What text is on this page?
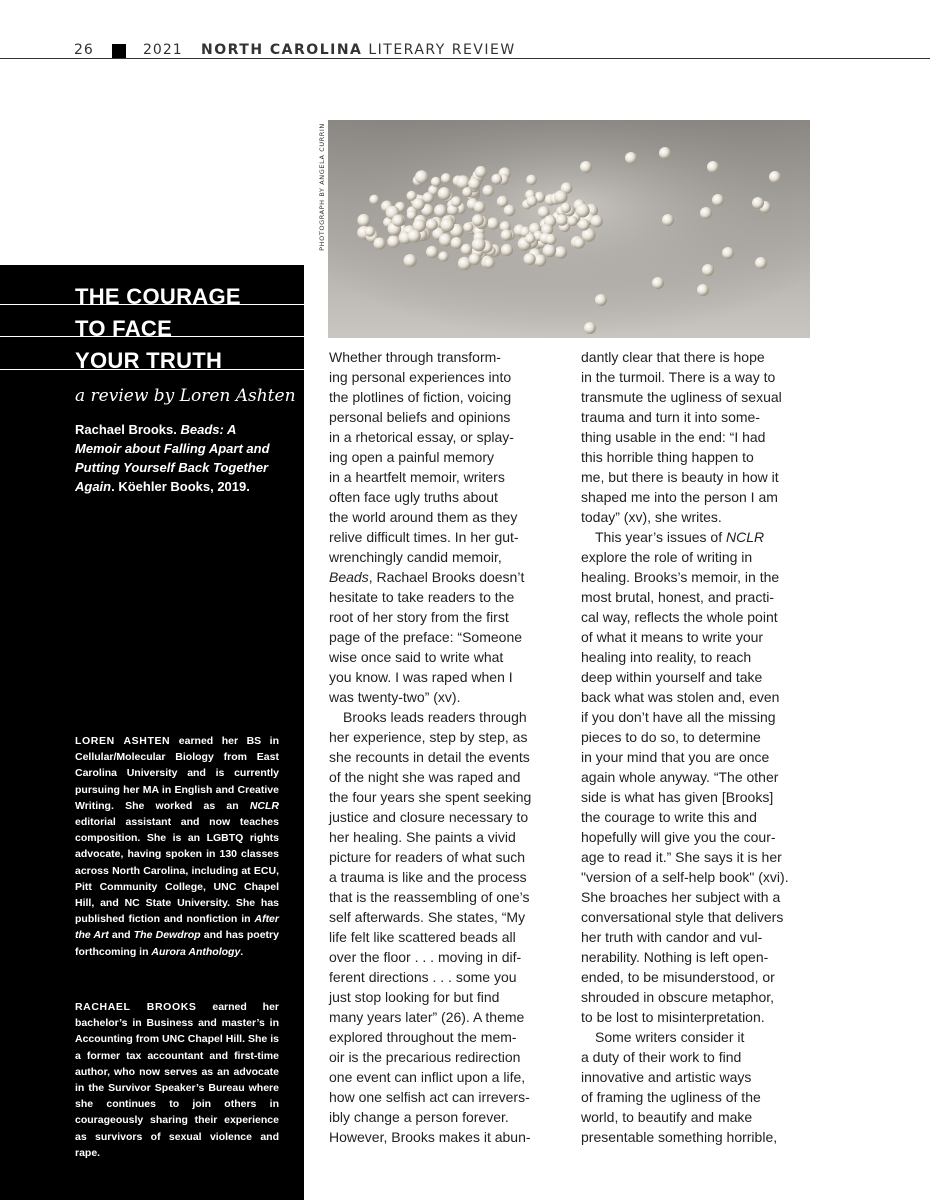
26	2021 NORTH CAROLINA LITERARY REVIEW
PHOTOGRAPH BY ANGELA CURRIN
THE COURAGE
TO FACE
YOUR TRUTH
a review by Loren Ashten
Rachael Brooks. Beads: A Memoir about Falling Apart and Putting Yourself Back Together Again. Köehler Books, 2019.
LOREN ASHTEN earned her BS in Cellular/Molecular Biology from East Carolina University and is currently pursuing her MA in English and Creative Writing. She worked as an NCLR editorial assistant and now teaches composition. She is an LGBTQ rights advocate, having spoken in 130 classes across North Carolina, including at ECU, Pitt Community College, UNC Chapel Hill, and NC State University. She has published fiction and nonfiction in After the Art and The Dewdrop and has poetry forthcoming in Aurora Anthology.
RACHAEL BROOKS earned her bachelor’s in Business and master’s in Accounting from UNC Chapel Hill. She is a former tax accountant and first-time author, who now serves as an advocate in the Survivor Speaker’s Bureau where she continues to join others in courageously sharing their experience as survivors of sexual violence and rape.
Whether through transform-
ing personal experiences into
the plotlines of fiction, voicing
personal beliefs and opinions
in a rhetorical essay, or splay-
ing open a painful memory
in a heartfelt memoir, writers
often face ugly truths about
the world around them as they
relive difficult times. In her gut-
wrenchingly candid memoir,
Beads, Rachael Brooks doesn’t
hesitate to take readers to the
root of her story from the first
page of the preface: “Someone
wise once said to write what
you know. I was raped when I
was twenty-two” (xv).
Brooks leads readers through
her experience, step by step, as
she recounts in detail the events
of the night she was raped and
the four years she spent seeking
justice and closure necessary to
her healing. She paints a vivid
picture for readers of what such
a trauma is like and the process
that is the reassembling of one’s
self afterwards. She states, “My
life felt like scattered beads all
over the floor . . . moving in dif-
ferent directions . . . some you
just stop looking for but find
many years later” (26). A theme
explored throughout the mem-
oir is the precarious redirection
one event can inflict upon a life,
how one selfish act can irrevers-
ibly change a person forever.
However, Brooks makes it abun-
dantly clear that there is hope
in the turmoil. There is a way to
transmute the ugliness of sexual
trauma and turn it into some-
thing usable in the end: “I had
this horrible thing happen to
me, but there is beauty in how it
shaped me into the person I am
today” (xv), she writes.
This year’s issues of NCLR
explore the role of writing in
healing. Brooks’s memoir, in the
most brutal, honest, and practi-
cal way, reflects the whole point
of what it means to write your
healing into reality, to reach
deep within yourself and take
back what was stolen and, even
if you don’t have all the missing
pieces to do so, to determine
in your mind that you are once
again whole anyway. “The other
side is what has given [Brooks]
the courage to write this and
hopefully will give you the cour-
age to read it.” She says it is her
"version of a self-help book" (xvi).
She broaches her subject with a
conversational style that delivers
her truth with candor and vul-
nerability. Nothing is left open-
ended, to be misunderstood, or
shrouded in obscure metaphor,
to be lost to misinterpretation.
Some writers consider it
a duty of their work to find
innovative and artistic ways
of framing the ugliness of the
world, to beautify and make
presentable something horrible,
